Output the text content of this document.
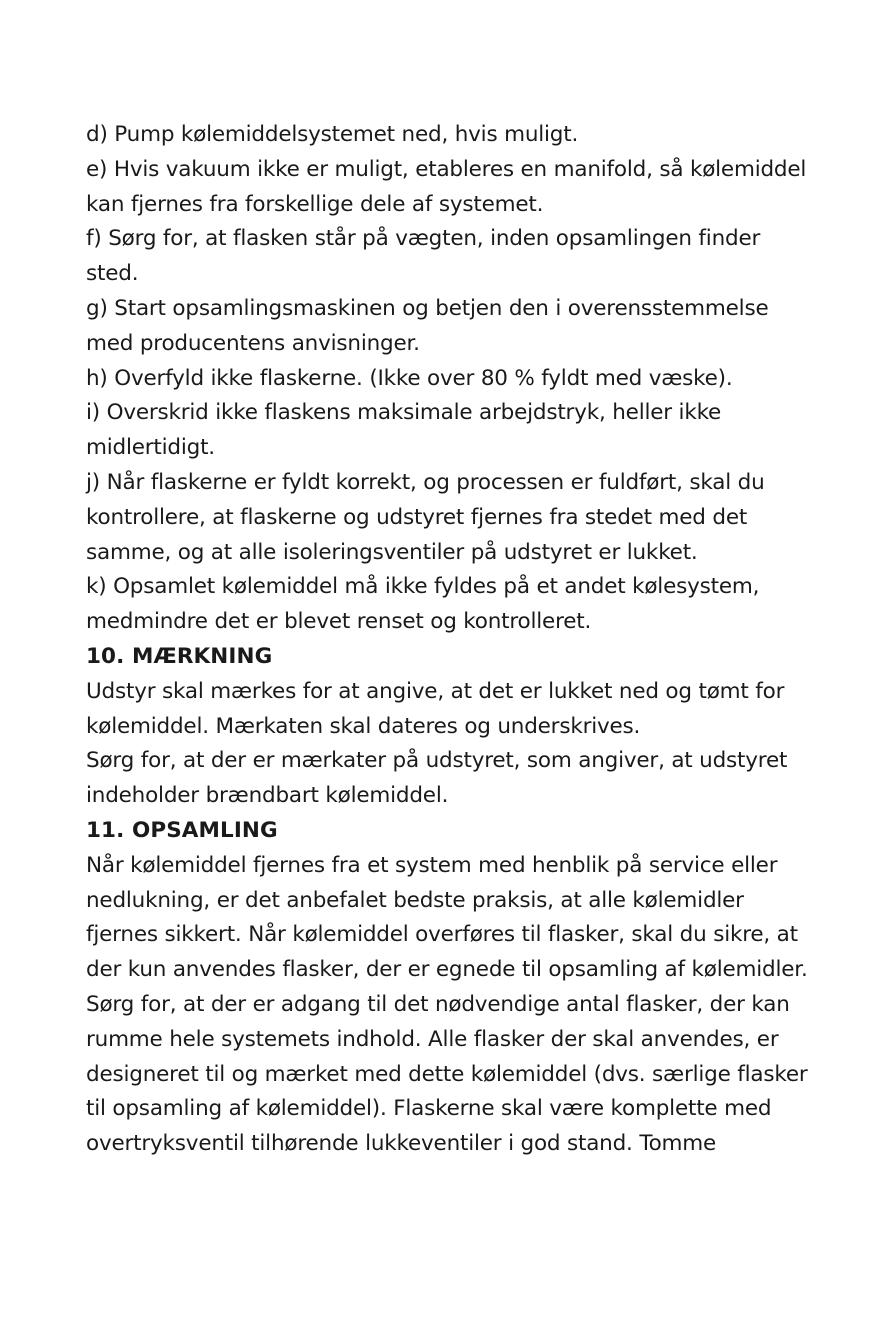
d) Pump kølemiddelsystemet ned, hvis muligt.
e) Hvis vakuum ikke er muligt, etableres en manifold, så kølemiddel
kan fjernes fra forskellige dele af systemet.
f) Sørg for, at flasken står på vægten, inden opsamlingen finder
sted.
g) Start opsamlingsmaskinen og betjen den i overensstemmelse
med producentens anvisninger.
h) Overfyld ikke flaskerne. (Ikke over 80 % fyldt med væske).
i) Overskrid ikke flaskens maksimale arbejdstryk, heller ikke
midlertidigt.
j) Når flaskerne er fyldt korrekt, og processen er fuldført, skal du
kontrollere, at flaskerne og udstyret fjernes fra stedet med det
samme, og at alle isoleringsventiler på udstyret er lukket.
k) Opsamlet kølemiddel må ikke fyldes på et andet kølesystem,
medmindre det er blevet renset og kontrolleret.
10. MÆRKNING
Udstyr skal mærkes for at angive, at det er lukket ned og tømt for
kølemiddel. Mærkaten skal dateres og underskrives.
Sørg for, at der er mærkater på udstyret, som angiver, at udstyret
indeholder brændbart kølemiddel.
11. OPSAMLING
Når kølemiddel fjernes fra et system med henblik på service eller
nedlukning, er det anbefalet bedste praksis, at alle kølemidler
fjernes sikkert. Når kølemiddel overføres til flasker, skal du sikre, at
der kun anvendes flasker, der er egnede til opsamling af kølemidler.
Sørg for, at der er adgang til det nødvendige antal flasker, der kan
rumme hele systemets indhold. Alle flasker der skal anvendes, er
designeret til og mærket med dette kølemiddel (dvs. særlige flasker
til opsamling af kølemiddel). Flaskerne skal være komplette med
overtryksventil tilhørende lukkeventiler i god stand. Tomme
